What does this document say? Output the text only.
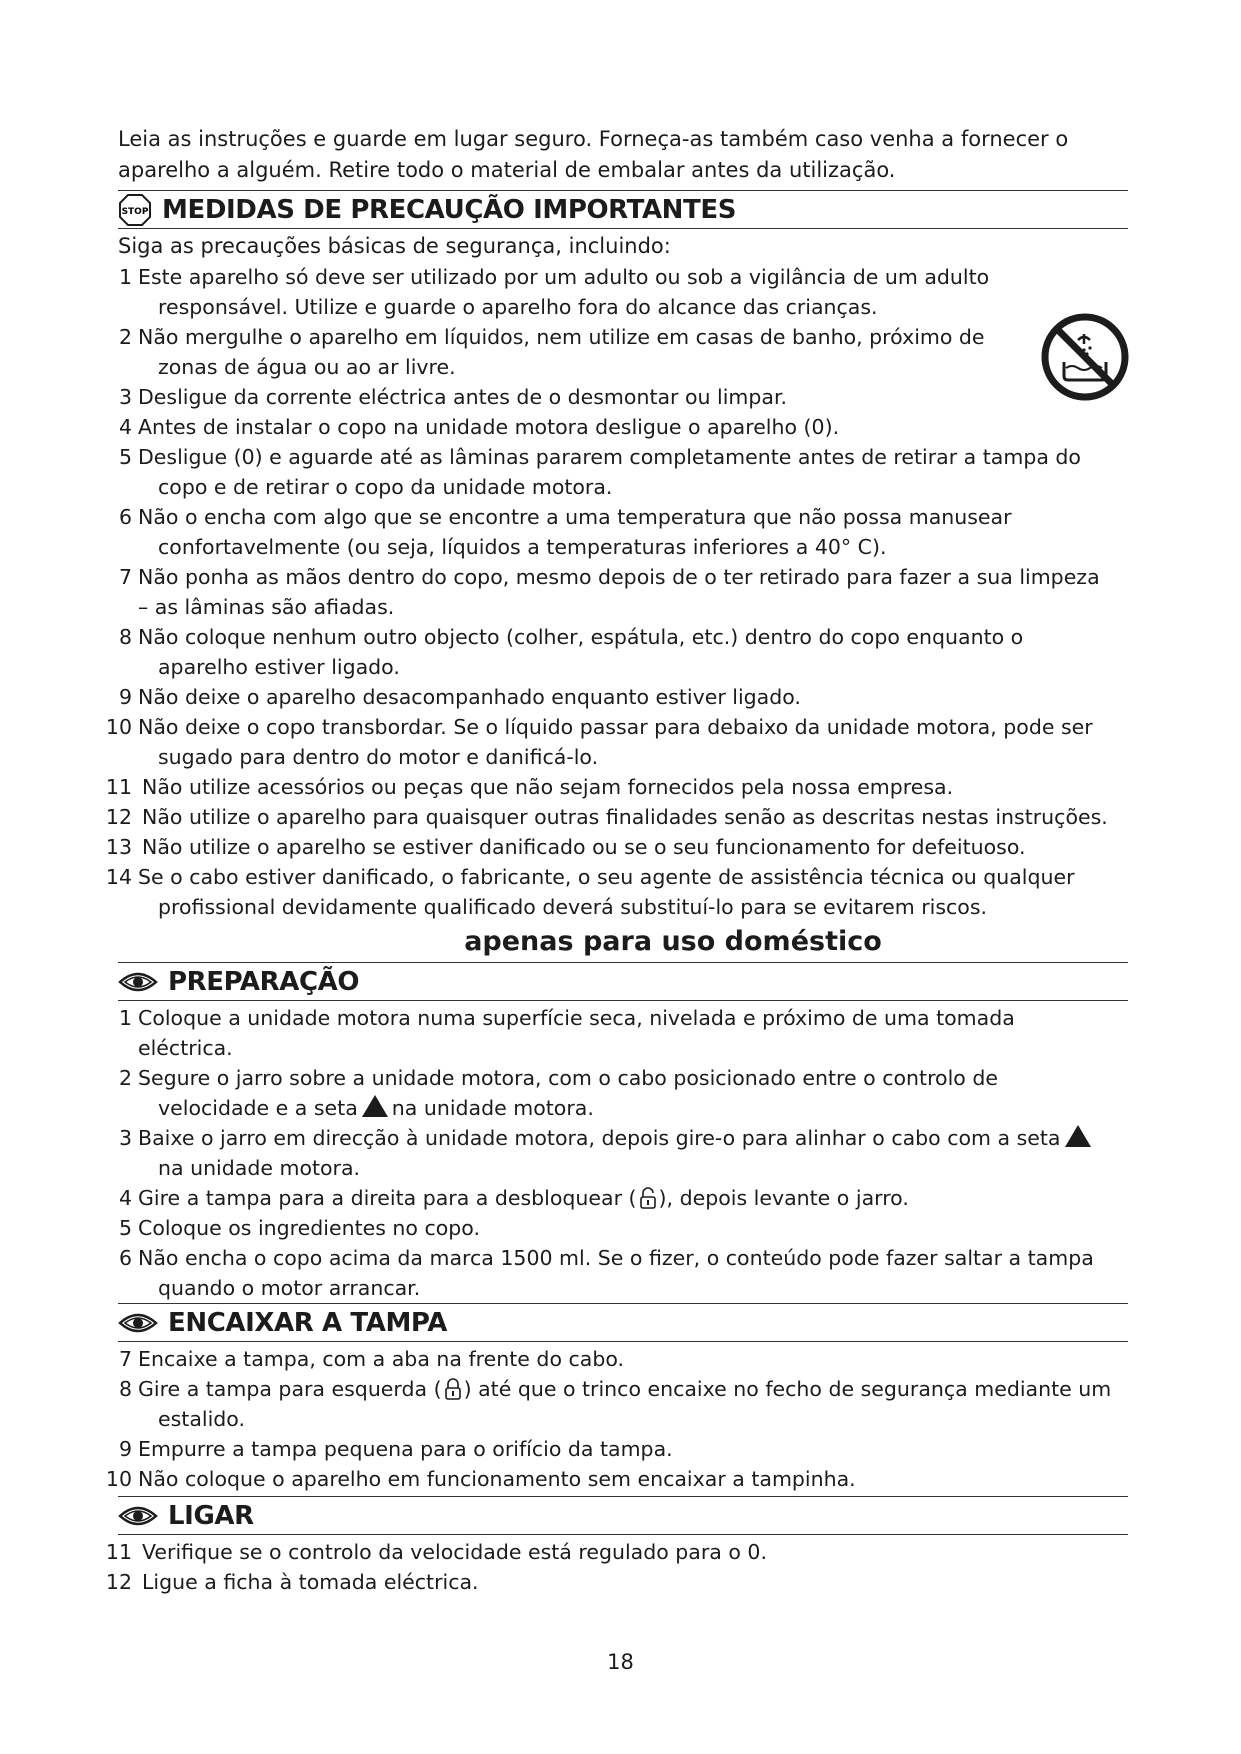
Leia as instruções e guarde em lugar seguro. Forneça-as também caso venha a fornecer o
aparelho a alguém. Retire todo o material de embalar antes da utilização.

STOP MEDIDAS DE PRECAUÇÃO IMPORTANTES
Siga as precauções básicas de segurança, incluindo:
1 Este aparelho só deve ser utilizado por um adulto ou sob a vigilância de um adulto
responsável. Utilize e guarde o aparelho fora do alcance das crianças.
2 Não mergulhe o aparelho em líquidos, nem utilize em casas de banho, próximo de
zonas de água ou ao ar livre.
3 Desligue da corrente eléctrica antes de o desmontar ou limpar.
4 Antes de instalar o copo na unidade motora desligue o aparelho (0).
5 Desligue (0) e aguarde até as lâminas pararem completamente antes de retirar a tampa do
copo e de retirar o copo da unidade motora.
6 Não o encha com algo que se encontre a uma temperatura que não possa manusear
confortavelmente (ou seja, líquidos a temperaturas inferiores a 40° C).
7 Não ponha as mãos dentro do copo, mesmo depois de o ter retirado para fazer a sua limpeza
– as lâminas são afiadas.
8 Não coloque nenhum outro objecto (colher, espátula, etc.) dentro do copo enquanto o
aparelho estiver ligado.
9 Não deixe o aparelho desacompanhado enquanto estiver ligado.
10 Não deixe o copo transbordar. Se o líquido passar para debaixo da unidade motora, pode ser
sugado para dentro do motor e danificá-lo.
11 Não utilize acessórios ou peças que não sejam fornecidos pela nossa empresa.
12 Não utilize o aparelho para quaisquer outras finalidades senão as descritas nestas instruções.
13 Não utilize o aparelho se estiver danificado ou se o seu funcionamento for defeituoso.
14 Se o cabo estiver danificado, o fabricante, o seu agente de assistência técnica ou qualquer
profissional devidamente qualificado deverá substituí-lo para se evitarem riscos.
apenas para uso doméstico
PREPARAÇÃO
1 Coloque a unidade motora numa superfície seca, nivelada e próximo de uma tomada
eléctrica.
2 Segure o jarro sobre a unidade motora, com o cabo posicionado entre o controlo de
velocidade e a seta na unidade motora.
3 Baixe o jarro em direcção à unidade motora, depois gire-o para alinhar o cabo com a seta
na unidade motora.
4 Gire a tampa para a direita para a desbloquear ( ), depois levante o jarro.
5 Coloque os ingredientes no copo.
6 Não encha o copo acima da marca 1500 ml. Se o fizer, o conteúdo pode fazer saltar a tampa
quando o motor arrancar.
ENCAIXAR A TAMPA
7 Encaixe a tampa, com a aba na frente do cabo.
8 Gire a tampa para esquerda ( ) até que o trinco encaixe no fecho de segurança mediante um
estalido.
9 Empurre a tampa pequena para o orifício da tampa.
10 Não coloque o aparelho em funcionamento sem encaixar a tampinha.
LIGAR
11 Verifique se o controlo da velocidade está regulado para o 0.
12 Ligue a ficha à tomada eléctrica.
18
